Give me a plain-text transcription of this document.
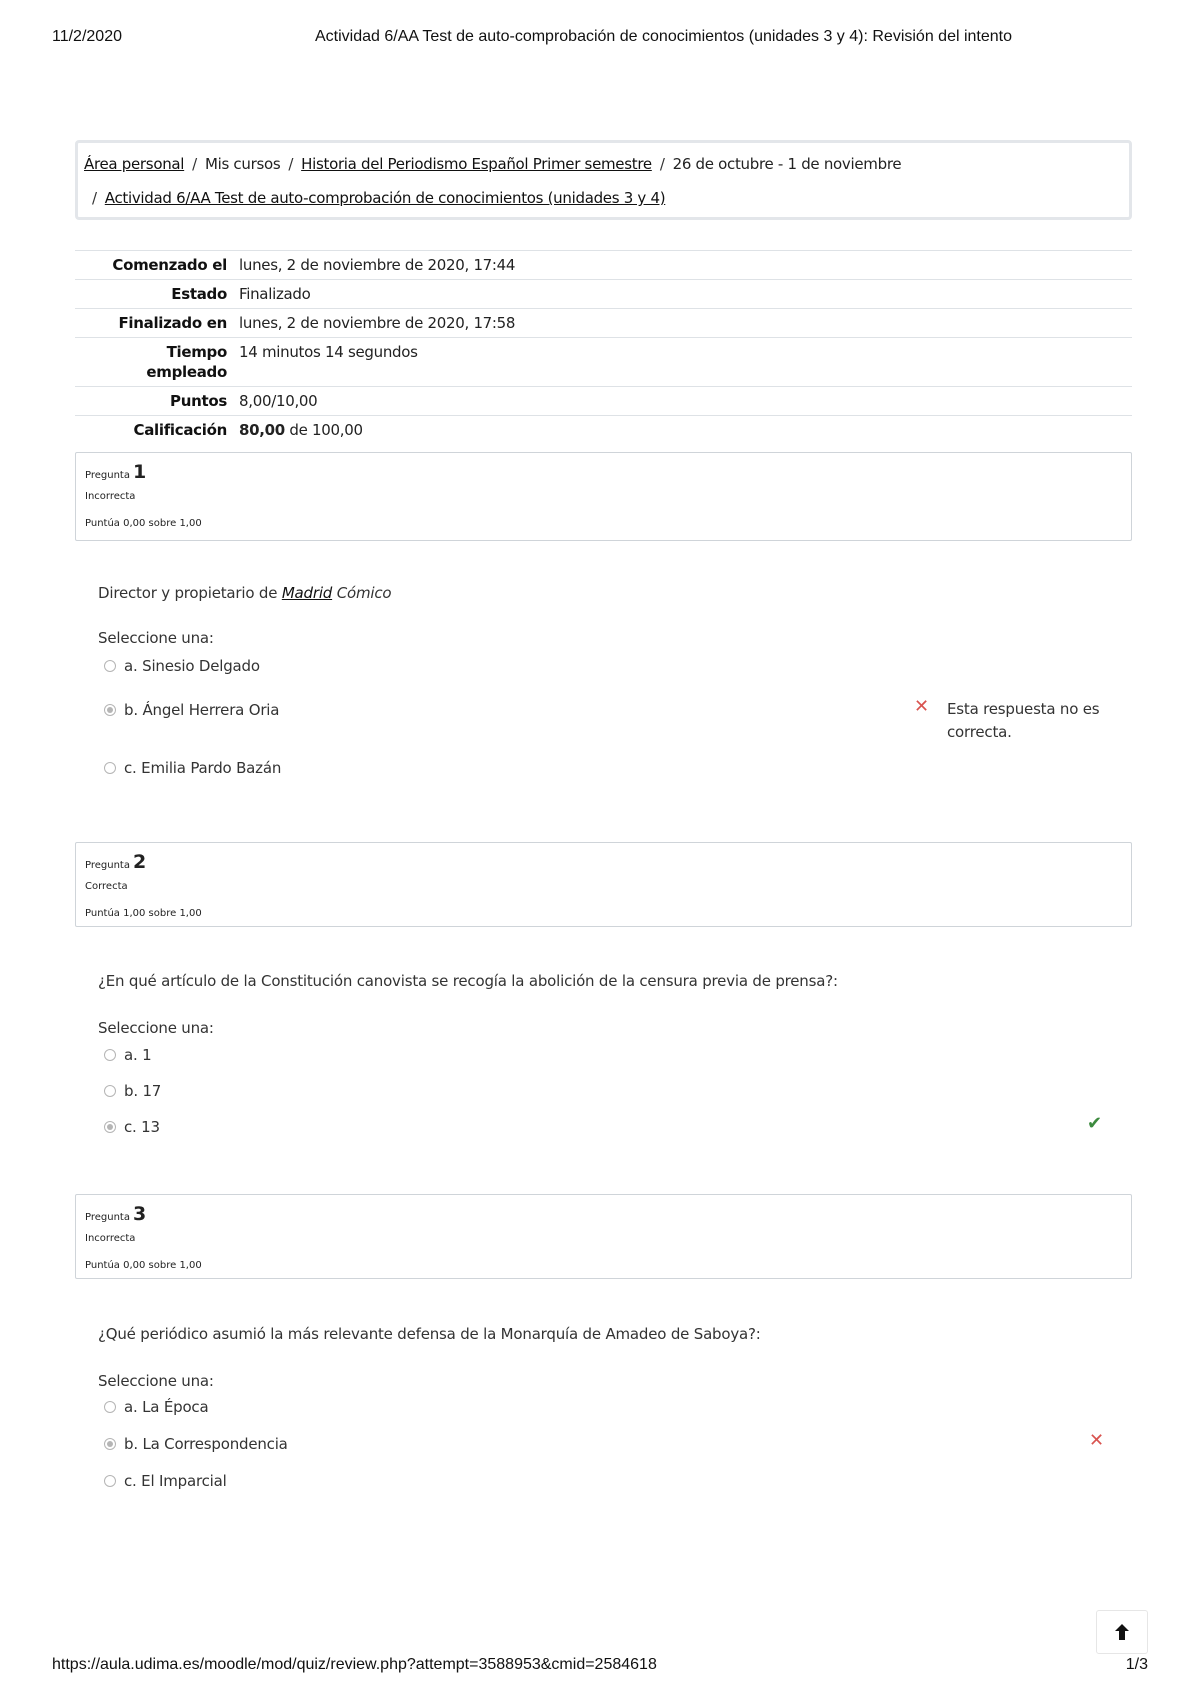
11/2/2020	Actividad 6/AA Test de auto-comprobación de conocimientos (unidades 3 y 4): Revisión del intento
Área personal / Mis cursos / Historia del Periodismo Español Primer semestre / 26 de octubre - 1 de noviembre
/ Actividad 6/AA Test de auto-comprobación de conocimientos (unidades 3 y 4)
Comenzado el	lunes, 2 de noviembre de 2020, 17:44
Estado	Finalizado
Finalizado en	lunes, 2 de noviembre de 2020, 17:58
Tiempo
empleado	14 minutos 14 segundos
Puntos	8,00/10,00
Calificación	80,00 de 100,00
Pregunta 1
Incorrecta
Puntúa 0,00 sobre 1,00
Director y propietario de Madrid Cómico
Seleccione una:
a. Sinesio Delgado
b. Ángel Herrera Oria
c. Emilia Pardo Bazán
✕ Esta respuesta no es correcta.
Pregunta 2
Correcta
Puntúa 1,00 sobre 1,00
¿En qué artículo de la Constitución canovista se recogía la abolición de la censura previa de prensa?:
Seleccione una:
a. 1
b. 17
c. 13	✔
Pregunta 3
Incorrecta
Puntúa 0,00 sobre 1,00
¿Qué periódico asumió la más relevante defensa de la Monarquía de Amadeo de Saboya?:
Seleccione una:
a. La Época
b. La Correspondencia
c. El Imparcial
✕
https://aula.udima.es/moodle/mod/quiz/review.php?attempt=3588953&cmid=2584618	1/3
